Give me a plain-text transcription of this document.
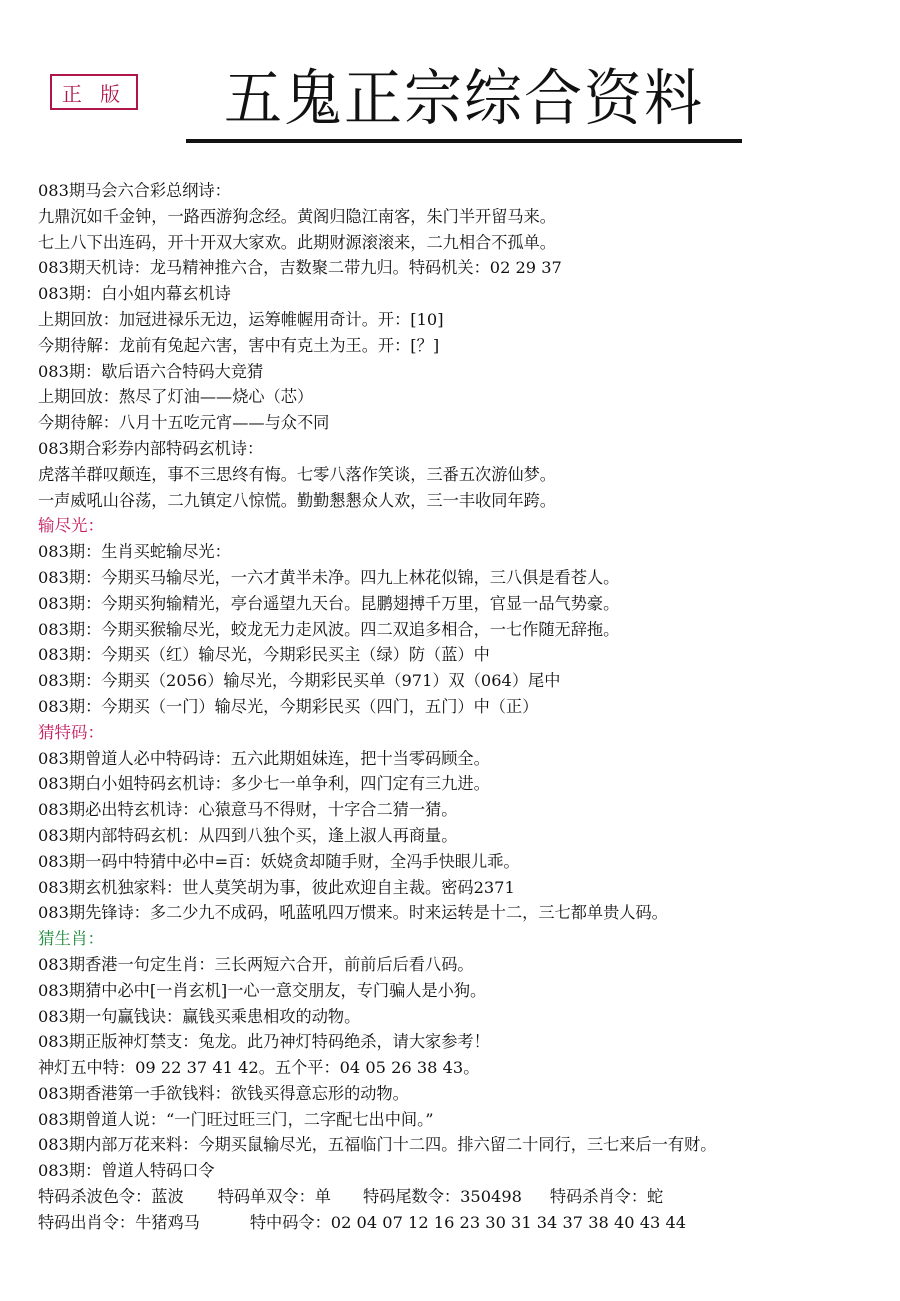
正 版	五鬼正宗综合资料
083期马会六合彩总纲诗：
九鼎沉如千金钟，一路西游狗念经。黄阁归隐江南客，朱门半开留马来。
七上八下出连码，开十开双大家欢。此期财源滚滚来，二九相合不孤单。
083期天机诗：龙马精神推六合，吉数聚二带九归。特码机关：02 29 37
083期：白小姐内幕玄机诗
上期回放：加冠进禄乐无边，运筹帷幄用奇计。开：[10]
今期待解：龙前有兔起六害，害中有克土为王。开：[？]
083期：歇后语六合特码大竞猜
上期回放：熬尽了灯油——烧心（芯）
今期待解：八月十五吃元宵——与众不同
083期合彩券内部特码玄机诗：
虎落羊群叹颠连，事不三思终有悔。七零八落作笑谈，三番五次游仙梦。
一声威吼山谷荡，二九镇定八惊慌。勤勤懇懇众人欢，三一丰收同年跨。
输尽光：
083期：生肖买蛇输尽光：
083期：今期买马输尽光，一六才黄半未净。四九上林花似锦，三八俱是看苍人。
083期：今期买狗输精光，亭台遥望九天台。昆鹏翅搏千万里，官显一品气势豪。
083期：今期买猴输尽光，蛟龙无力走风波。四二双追多相合，一七作随无辞拖。
083期：今期买（红）输尽光，今期彩民买主（绿）防（蓝）中
083期：今期买（2056）输尽光，今期彩民买单（971）双（064）尾中
083期：今期买（一门）输尽光，今期彩民买（四门，五门）中（正）
猜特码：
083期曾道人必中特码诗：五六此期姐妹连，把十当零码顾全。
083期白小姐特码玄机诗：多少七一单争利，四门定有三九进。
083期必出特玄机诗：心猿意马不得财，十字合二猜一猜。
083期内部特码玄机：从四到八独个买，逢上淑人再商量。
083期一码中特猜中必中=百：妖娆贪却随手财，全冯手快眼儿乖。
083期玄机独家料：世人莫笑胡为事，彼此欢迎自主裁。密码2371
083期先锋诗：多二少九不成码，吼蓝吼四万惯来。时来运转是十二，三七都单贵人码。
猜生肖：
083期香港一句定生肖：三长两短六合开，前前后后看八码。
083期猜中必中[一肖玄机]一心一意交朋友，专门骗人是小狗。
083期一句赢钱诀：赢钱买乘患相攻的动物。
083期正版神灯禁支：兔龙。此乃神灯特码绝杀，请大家参考！
神灯五中特：09 22 37 41 42。五个平：04 05 26 38 43。
083期香港第一手欲钱料：欲钱买得意忘形的动物。
083期曾道人说：“一门旺过旺三门，二字配七出中间。”
083期内部万花来料：今期买鼠输尽光，五福临门十二四。排六留二十同行，三七来后一有财。
083期：曾道人特码口令
特码杀波色令：蓝波 特码单双令：单 特码尾数令：350498 特码杀肖令：蛇
特码出肖令：牛猪鸡马	特中码令：02 04 07 12 16 23 30 31 34 37 38 40 43 44
